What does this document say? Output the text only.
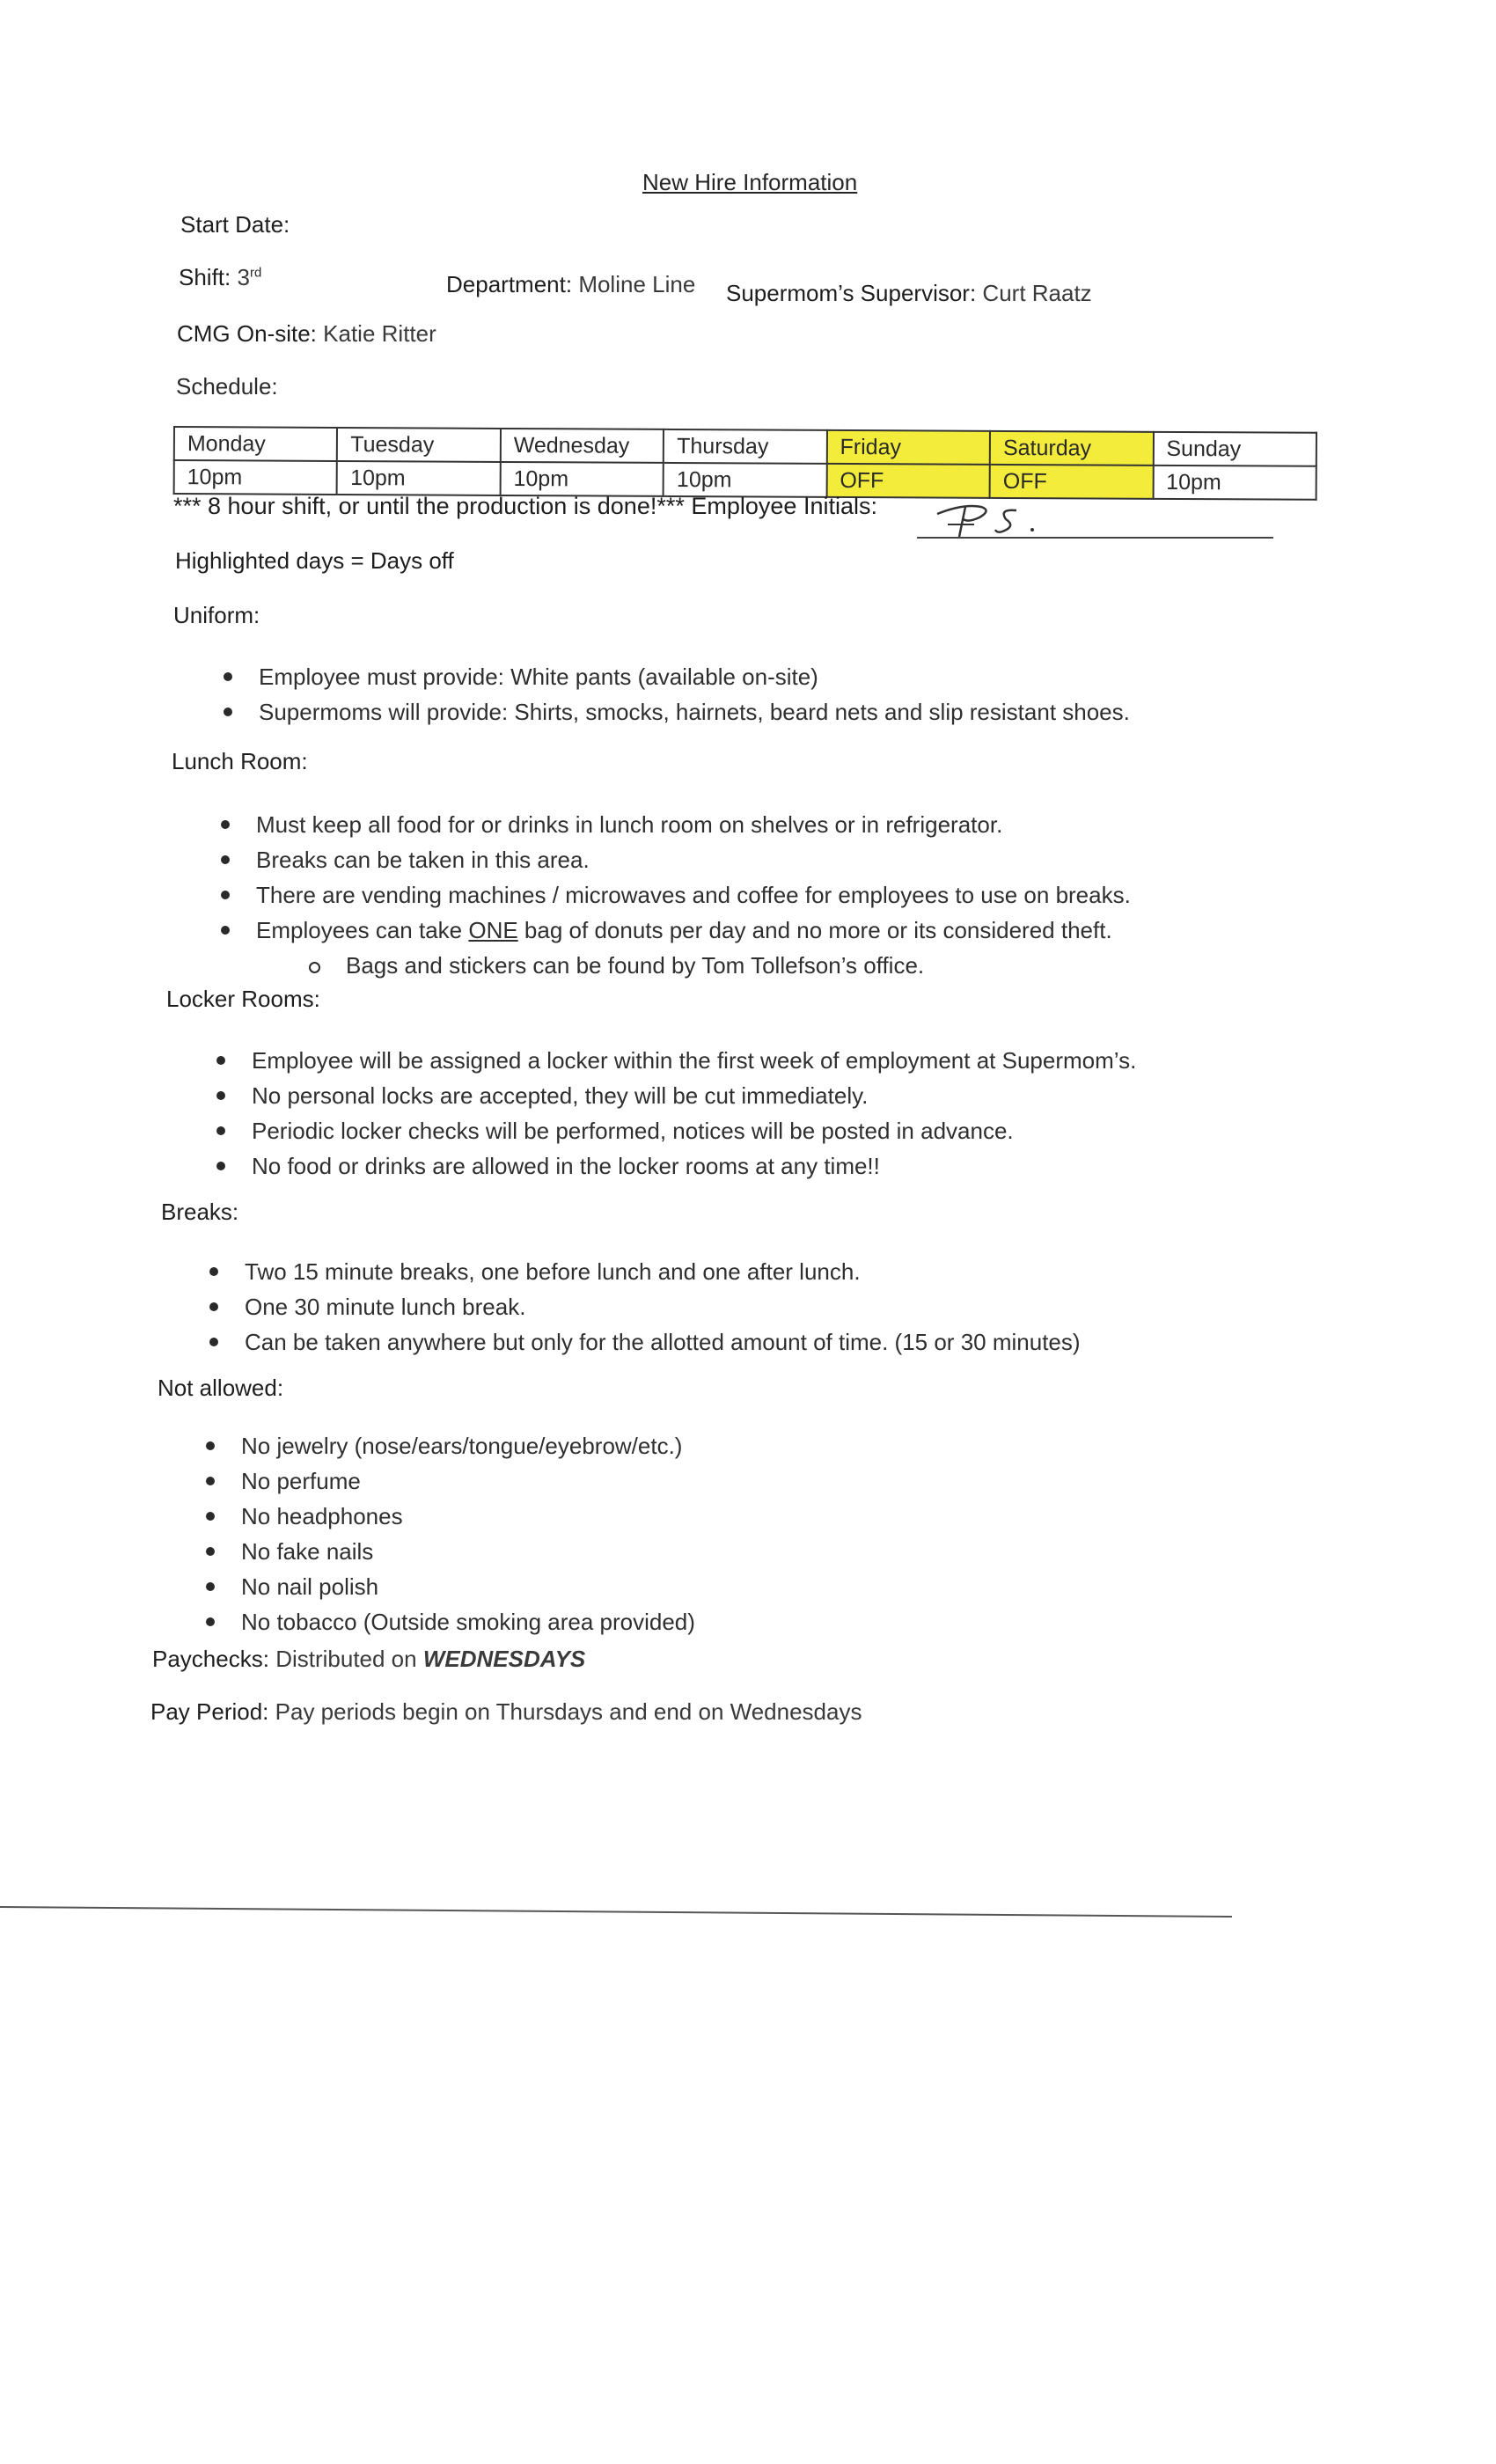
New Hire Information
Start Date:
Shift: 3rd	Department: Moline Line Supermom’s Supervisor: Curt Raatz
CMG On-site: Katie Ritter
Schedule:
Monday	Tuesday	Wednesday	Thursday	Friday	Saturday	Sunday
10pm	10pm	10pm	10pm	OFF	OFF	10pm
*** 8 hour shift, or until the production is done!*** Employee Initials:
Highlighted days = Days off
Uniform:
Employee must provide: White pants (available on-site)
Supermoms will provide: Shirts, smocks, hairnets, beard nets and slip resistant shoes.
Lunch Room:
Must keep all food for or drinks in lunch room on shelves or in refrigerator.
Breaks can be taken in this area.
There are vending machines / microwaves and coffee for employees to use on breaks.
Employees can take ONE bag of donuts per day and no more or its considered theft.
Bags and stickers can be found by Tom Tollefson’s office.
Locker Rooms:
Employee will be assigned a locker within the first week of employment at Supermom’s.
No personal locks are accepted, they will be cut immediately.
Periodic locker checks will be performed, notices will be posted in advance.
No food or drinks are allowed in the locker rooms at any time!!
Breaks:
Two 15 minute breaks, one before lunch and one after lunch.
One 30 minute lunch break.
Can be taken anywhere but only for the allotted amount of time. (15 or 30 minutes)
Not allowed:
No jewelry (nose/ears/tongue/eyebrow/etc.)
No perfume
No headphones
No fake nails
No nail polish
No tobacco (Outside smoking area provided)
Paychecks: Distributed on WEDNESDAYS
Pay Period: Pay periods begin on Thursdays and end on Wednesdays
